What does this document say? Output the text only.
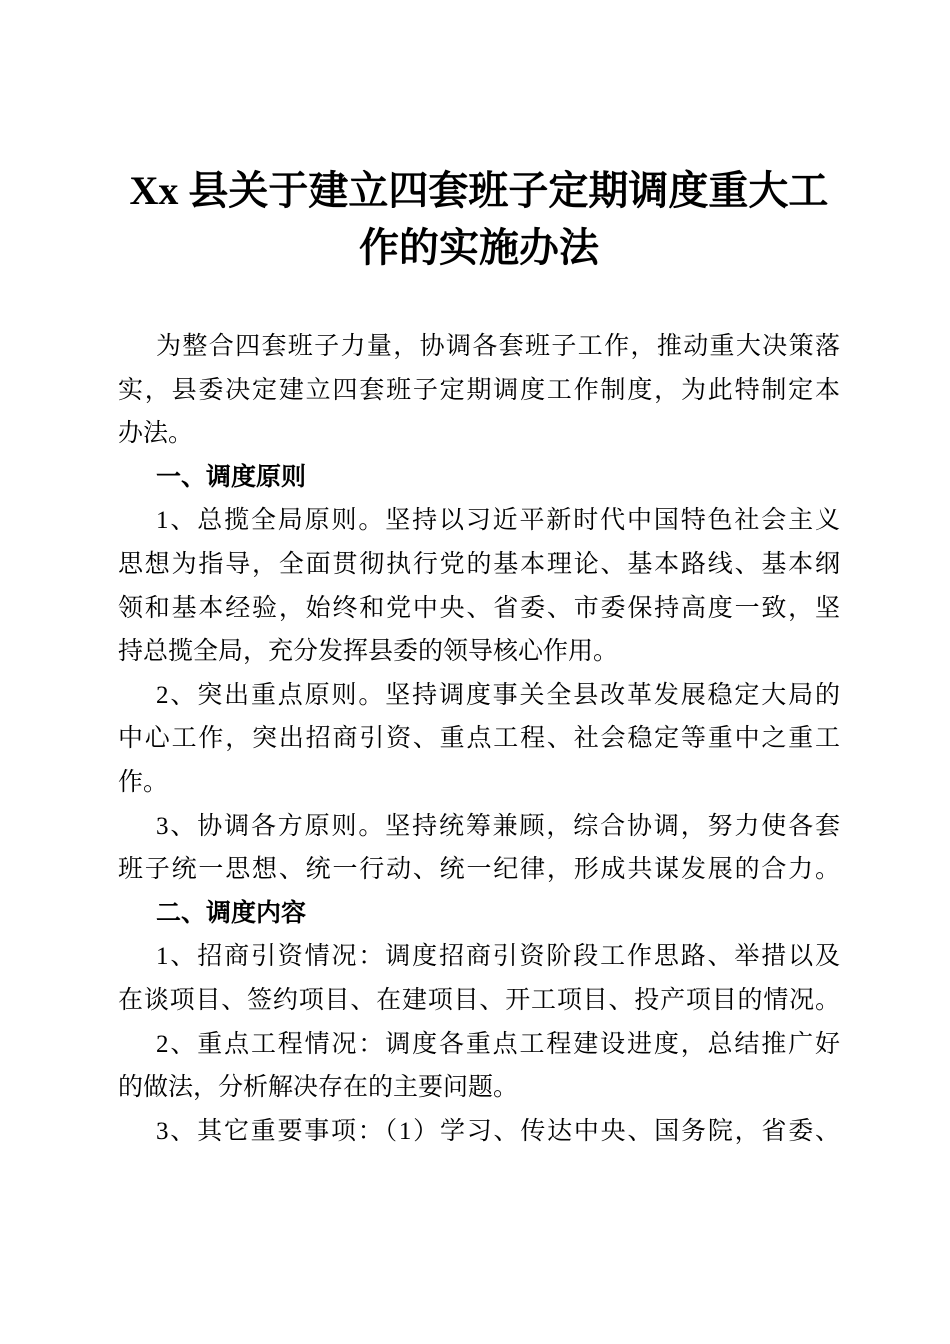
Xx 县关于建立四套班子定期调度重大工作的实施办法
为整合四套班子力量，协调各套班子工作，推动重大决策落
实，县委决定建立四套班子定期调度工作制度，为此特制定本
办法。
一、调度原则
1、总揽全局原则。坚持以习近平新时代中国特色社会主义
思想为指导，全面贯彻执行党的基本理论、基本路线、基本纲
领和基本经验，始终和党中央、省委、市委保持高度一致，坚
持总揽全局，充分发挥县委的领导核心作用。
2、突出重点原则。坚持调度事关全县改革发展稳定大局的
中心工作，突出招商引资、重点工程、社会稳定等重中之重工
作。
3、协调各方原则。坚持统筹兼顾，综合协调，努力使各套
班子统一思想、统一行动、统一纪律，形成共谋发展的合力。
二、调度内容
1、招商引资情况：调度招商引资阶段工作思路、举措以及
在谈项目、签约项目、在建项目、开工项目、投产项目的情况。
2、重点工程情况：调度各重点工程建设进度，总结推广好
的做法，分析解决存在的主要问题。
3、其它重要事项：（1）学习、传达中央、国务院，省委、
